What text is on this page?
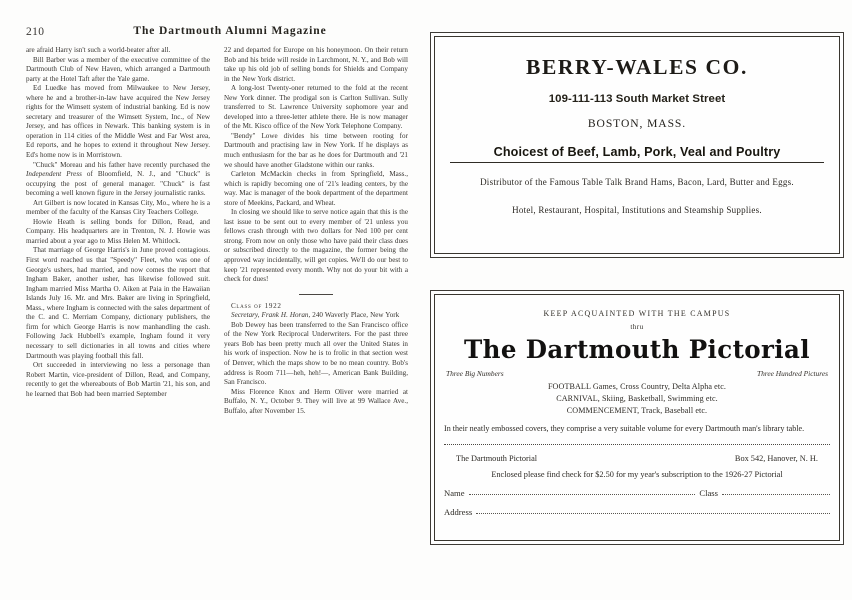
210	The Dartmouth Alumni Magazine

are afraid Harry isn't such a world-beater after all.

Bill Barber was a member of the executive committee of the Dartmouth Club of New Haven, which arranged a Dartmouth party at the Hotel Taft after the Yale game.

Ed Luedke has moved from Milwaukee to New Jersey, where he and a brother-in-law have acquired the New Jersey rights for the Wimsett system of industrial banking. Ed is now secretary and treasurer of the Wimsett System, Inc., of New Jersey, and has offices in Newark. This banking system is in operation in 114 cities of the Middle West and Far West area, Ed reports, and he hopes to extend it throughout New Jersey. Ed's home now is in Morristown.

"Chuck" Moreau and his father have recently purchased the Independent Press of Bloomfield, N. J., and "Chuck" is occupying the post of general manager. "Chuck" is fast becoming a well known figure in the Jersey journalistic ranks.

Art Gilbert is now located in Kansas City, Mo., where he is a member of the faculty of the Kansas City Teachers College.

Howie Heath is selling bonds for Dillon, Read, and Company. His headquarters are in Trenton, N. J. Howie was married about a year ago to Miss Helen M. Whitlock.

That marriage of George Harris's in June proved contagious. First word reached us that "Speedy" Fleet, who was one of George's ushers, had married, and now comes the report that Ingham Baker, another usher, has likewise followed suit. Ingham married Miss Martha O. Aiken at Paia in the Hawaiian Islands July 16. Mr. and Mrs. Baker are living in Springfield, Mass., where Ingham is connected with the sales department of the C. and C. Merriam Company, dictionary publishers, the firm for which George Harris is now manhandling the cash. Following Jack Hubbell's example, Ingham found it very necessary to sell dictionaries in all towns and cities where Dartmouth was playing football this fall.

Ort succeeded in interviewing no less a personage than Robert Martin, vice-president of Dillon, Read, and Company, recently to get the whereabouts of Bob Martin '21, his son, and he learned that Bob had been married September

22 and departed for Europe on his honeymoon. On their return Bob and his bride will reside in Larchmont, N. Y., and Bob will take up his old job of selling bonds for Shields and Company in the New York district.

A long-lost Twenty-oner returned to the fold at the recent New York dinner. The prodigal son is Carlton Sullivan. Sully transferred to St. Lawrence University sophomore year and developed into a three-letter athlete there. He is now manager of the Mt. Kisco office of the New York Telephone Company.

"Bendy" Lowe divides his time between rooting for Dartmouth and practising law in New York. If he displays as much enthusiasm for the bar as he does for Dartmouth and '21 we should have another Gladstone within our ranks.

Carleton McMackin checks in from Springfield, Mass., which is rapidly becoming one of '21's leading centers, by the way. Mac is manager of the book department of the department store of Meekins, Packard, and Wheat.

In closing we should like to serve notice again that this is the last issue to be sent out to every member of '21 unless you fellows crash through with two dollars for Ned 100 per cent strong. From now on only those who have paid their class dues or subscribed directly to the magazine, the former being the approved way incidentally, will get copies. We'll do our best to keep '21 represented every month. Why not do your bit with a check for dues!

Class of 1922

Secretary, Frank H. Horan, 240 Waverly Place, New York

Bob Dewey has been transferred to the San Francisco office of the New York Reciprocal Underwriters. For the past three years Bob has been pretty much all over the United States in his work of inspection. Now he is to frolic in that section west of Denver, which the maps show to be no mean country. Bob's address is Room 711—heh, heh!—, American Bank Building, San Francisco.

Miss Florence Knox and Herm Oliver were married at Buffalo, N. Y., October 9. They will live at 99 Wallace Ave., Buffalo, after November 15.

BERRY-WALES CO.
109-111-113 South Market Street
BOSTON, MASS.
Choicest of Beef, Lamb, Pork, Veal and Poultry
Distributor of the Famous Table Talk Brand Hams, Bacon, Lard, Butter and Eggs.
Hotel, Restaurant, Hospital, Institutions and Steamship Supplies.
KEEP ACQUAINTED WITH THE CAMPUS
thru
The Dartmouth Pictorial
Three Big Numbers	Three Hundred Pictures
FOOTBALL Games, Cross Country, Delta Alpha etc.
CARNIVAL, Skiing, Basketball, Swimming etc.
COMMENCEMENT, Track, Baseball etc.
In their neatly embossed covers, they comprise a very suitable volume for every Dartmouth man's library table.
The Dartmouth Pictorial	Box 542, Hanover, N. H.
Enclosed please find check for $2.50 for my year's subscription to the 1926-27 Pictorial
Name	Class
Address
